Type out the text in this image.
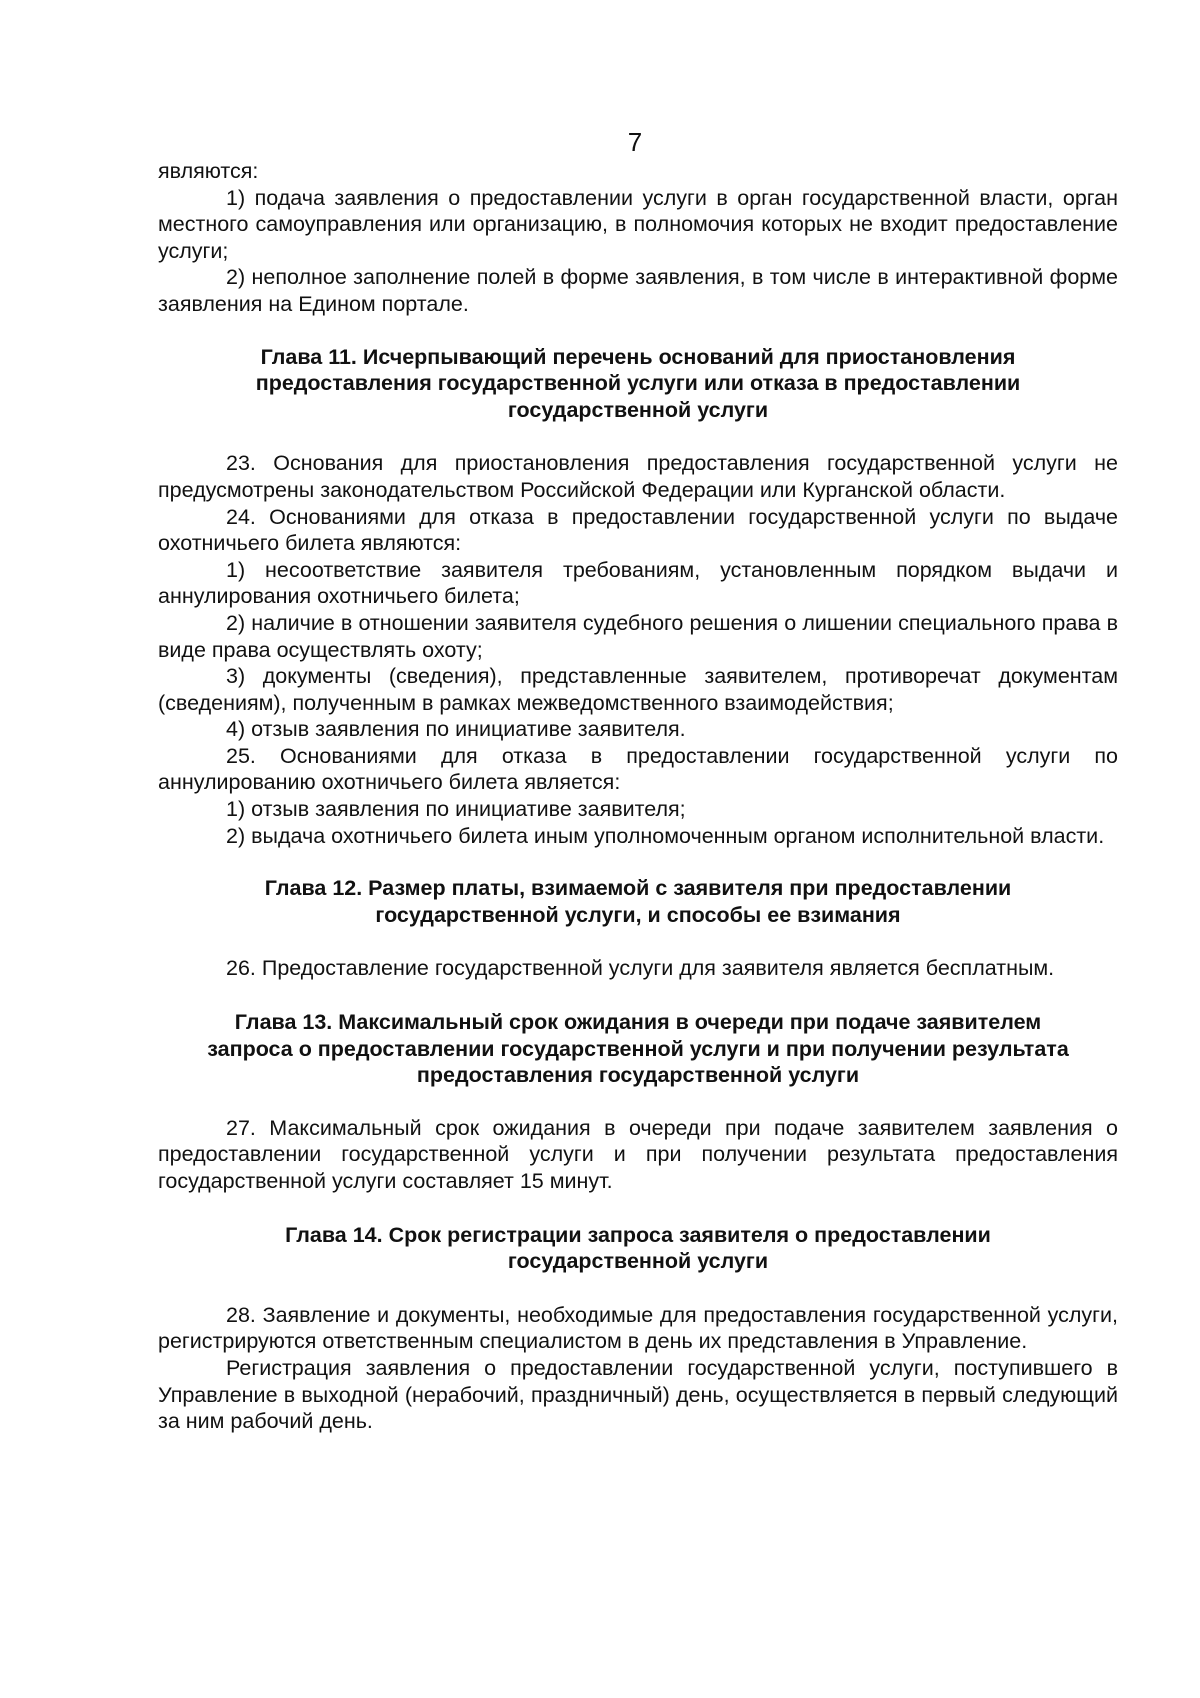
7

являются:

1) подача заявления о предоставлении услуги в орган государственной власти, орган местного самоуправления или организацию, в полномочия которых не входит предоставление услуги;

2) неполное заполнение полей в форме заявления, в том числе в интерактивной форме заявления на Едином портале.

Глава 11. Исчерпывающий перечень оснований для приостановления
предоставления государственной услуги или отказа в предоставлении
государственной услуги

23. Основания для приостановления предоставления государственной услуги не предусмотрены законодательством Российской Федерации или Курганской области.

24. Основаниями для отказа в предоставлении государственной услуги по выдаче охотничьего билета являются:

1) несоответствие заявителя требованиям, установленным порядком выдачи и аннулирования охотничьего билета;

2) наличие в отношении заявителя судебного решения о лишении специального права в виде права осуществлять охоту;

3) документы (сведения), представленные заявителем, противоречат документам (сведениям), полученным в рамках межведомственного взаимодействия;

4) отзыв заявления по инициативе заявителя.

25. Основаниями для отказа в предоставлении государственной услуги по аннулированию охотничьего билета является:

1) отзыв заявления по инициативе заявителя;

2) выдача охотничьего билета иным уполномоченным органом исполнительной власти.

Глава 12. Размер платы, взимаемой с заявителя при предоставлении
государственной услуги, и способы ее взимания

26. Предоставление государственной услуги для заявителя является бесплатным.

Глава 13. Максимальный срок ожидания в очереди при подаче заявителем
запроса о предоставлении государственной услуги и при получении результата
предоставления государственной услуги

27. Максимальный срок ожидания в очереди при подаче заявителем заявления о предоставлении государственной услуги и при получении результата предоставления государственной услуги составляет 15 минут.

Глава 14. Срок регистрации запроса заявителя о предоставлении
государственной услуги

28. Заявление и документы, необходимые для предоставления государственной услуги, регистрируются ответственным специалистом в день их представления в Управление.

Регистрация заявления о предоставлении государственной услуги, поступившего в Управление в выходной (нерабочий, праздничный) день, осуществляется в первый следующий за ним рабочий день.
